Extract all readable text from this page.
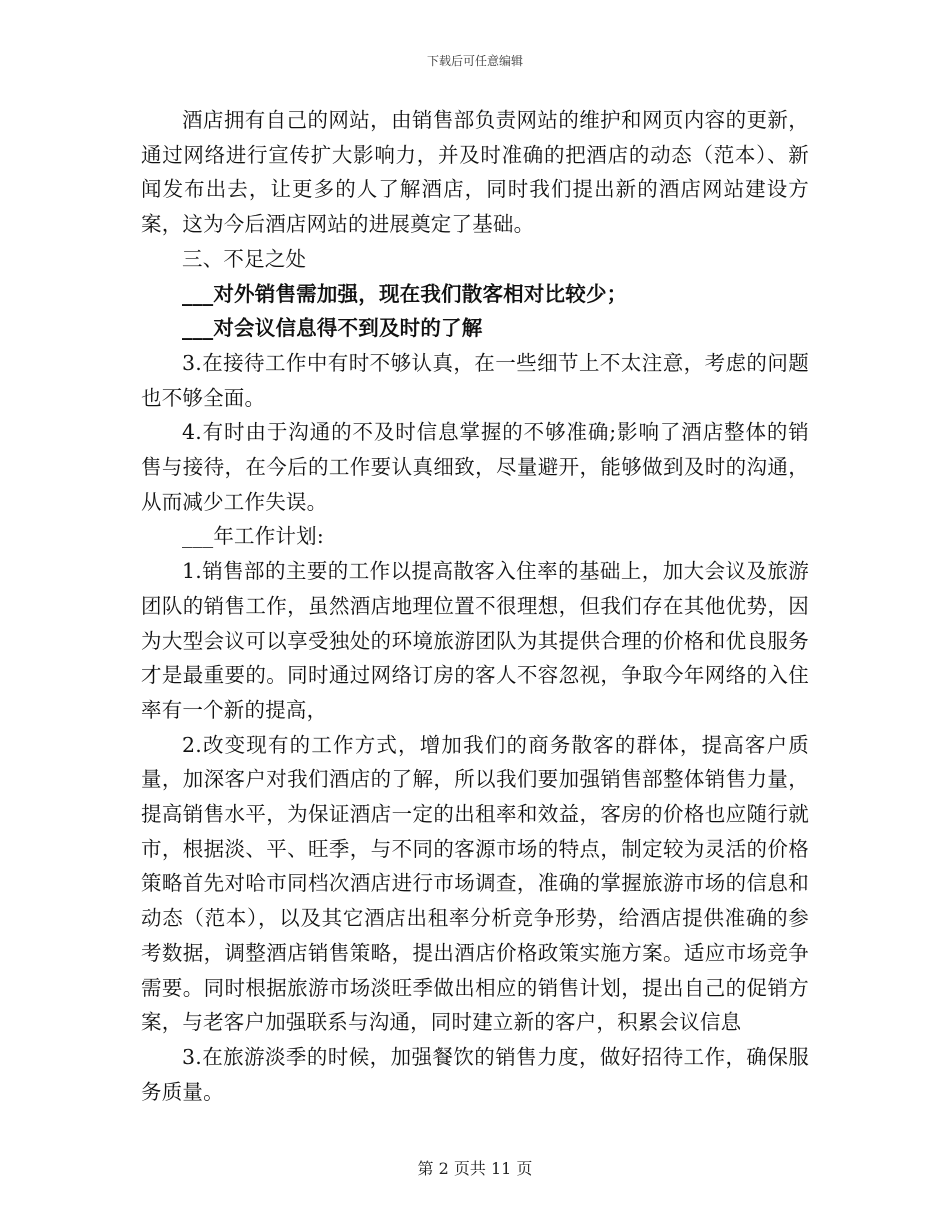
下载后可任意编辑

酒店拥有自己的网站，由销售部负责网站的维护和网页内容的更新，通过网络进行宣传扩大影响力，并及时准确的把酒店的动态（范本）、新闻发布出去，让更多的人了解酒店，同时我们提出新的酒店网站建设方案，这为今后酒店网站的进展奠定了基础。

三、不足之处

___对外销售需加强，现在我们散客相对比较少；

___对会议信息得不到及时的了解

3.在接待工作中有时不够认真，在一些细节上不太注意，考虑的问题也不够全面。

4.有时由于沟通的不及时信息掌握的不够准确;影响了酒店整体的销售与接待，在今后的工作要认真细致，尽量避开，能够做到及时的沟通，从而减少工作失误。

___年工作计划:

1.销售部的主要的工作以提高散客入住率的基础上，加大会议及旅游团队的销售工作，虽然酒店地理位置不很理想，但我们存在其他优势，因为大型会议可以享受独处的环境旅游团队为其提供合理的价格和优良服务才是最重要的。同时通过网络订房的客人不容忽视，争取今年网络的入住率有一个新的提高，

2.改变现有的工作方式，增加我们的商务散客的群体，提高客户质量，加深客户对我们酒店的了解，所以我们要加强销售部整体销售力量，提高销售水平，为保证酒店一定的出租率和效益，客房的价格也应随行就市，根据淡、平、旺季，与不同的客源市场的特点，制定较为灵活的价格策略首先对哈市同档次酒店进行市场调查，准确的掌握旅游市场的信息和动态（范本），以及其它酒店出租率分析竞争形势，给酒店提供准确的参考数据，调整酒店销售策略，提出酒店价格政策实施方案。适应市场竞争需要。同时根据旅游市场淡旺季做出相应的销售计划，提出自己的促销方案，与老客户加强联系与沟通，同时建立新的客户，积累会议信息

3.在旅游淡季的时候，加强餐饮的销售力度，做好招待工作，确保服务质量。

第 2 页共 11 页
